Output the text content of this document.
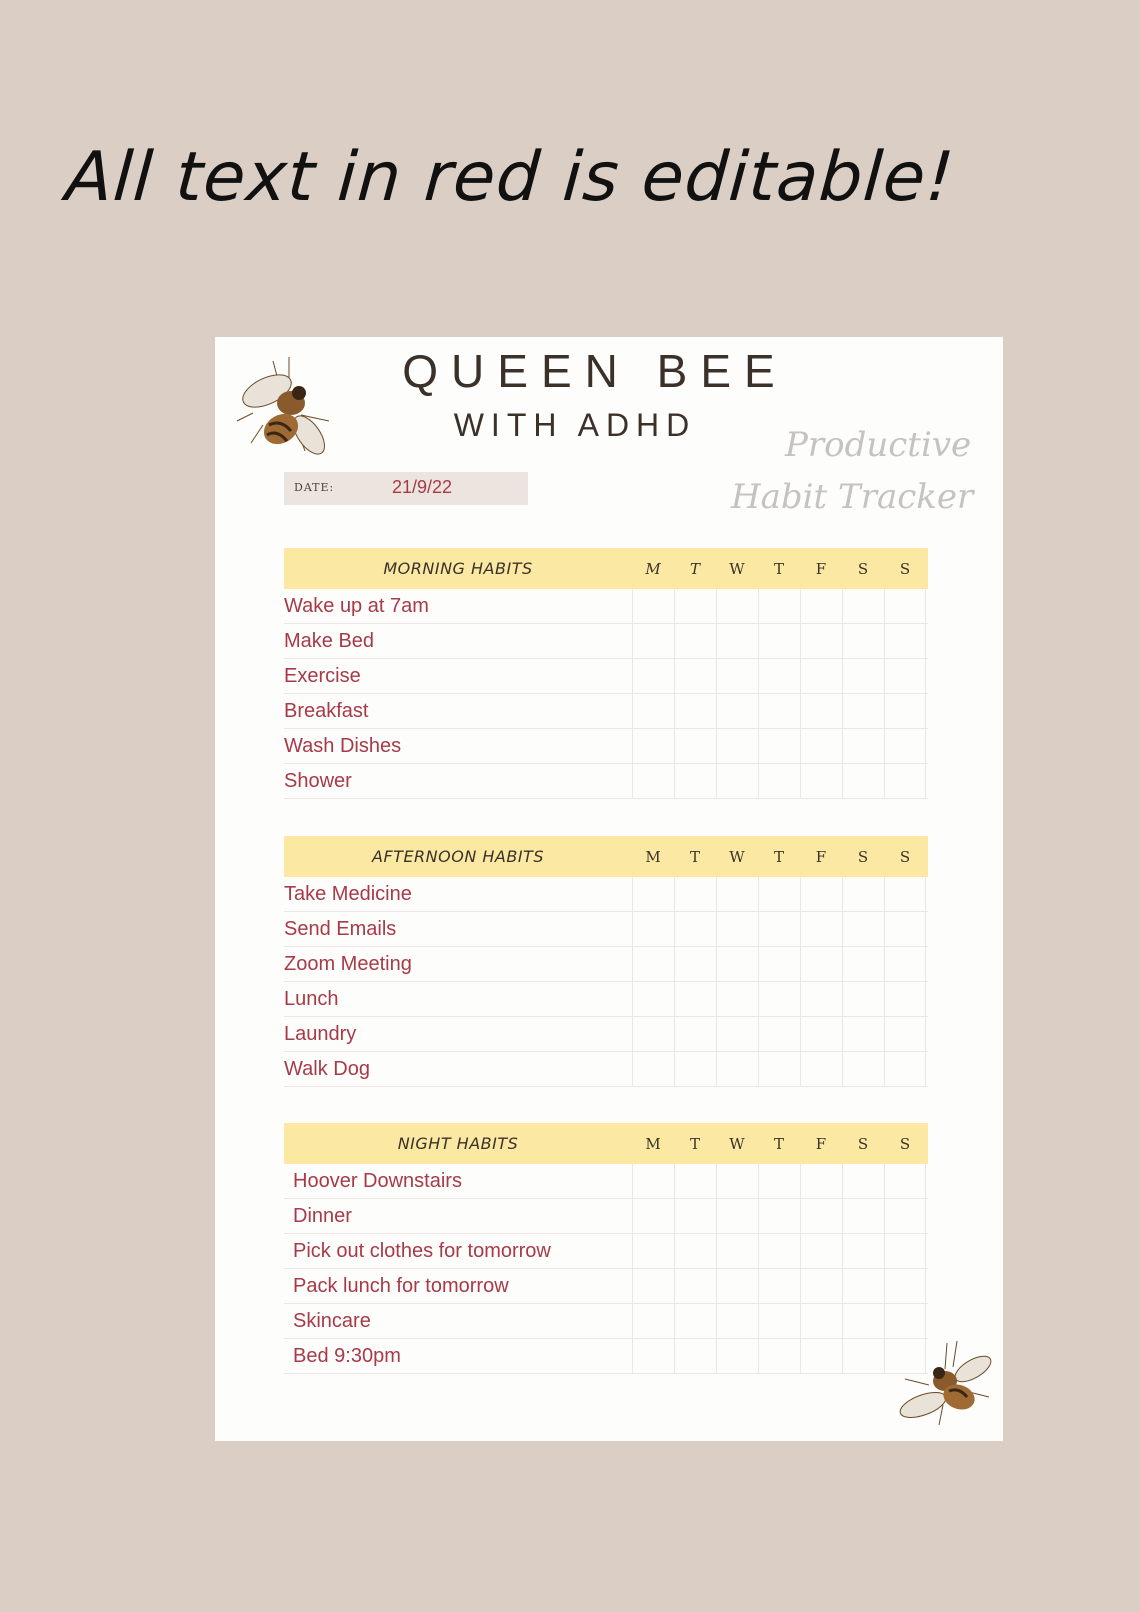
All text in red is editable!
QUEEN BEE
WITH ADHD	Productive
Habit Tracker
DATE:	21/9/22
MORNING HABITS	M	T	W	T	F	S	S
Wake up at 7am
Make Bed
Exercise
Breakfast
Wash Dishes
Shower
AFTERNOON HABITS	M	T	W	T	F	S	S
Take Medicine
Send Emails
Zoom Meeting
Lunch
Laundry
Walk Dog
NIGHT HABITS	M	T	W	T	F	S	S
Hoover Downstairs
Dinner
Pick out clothes for tomorrow
Pack lunch for tomorrow
Skincare
Bed 9:30pm
